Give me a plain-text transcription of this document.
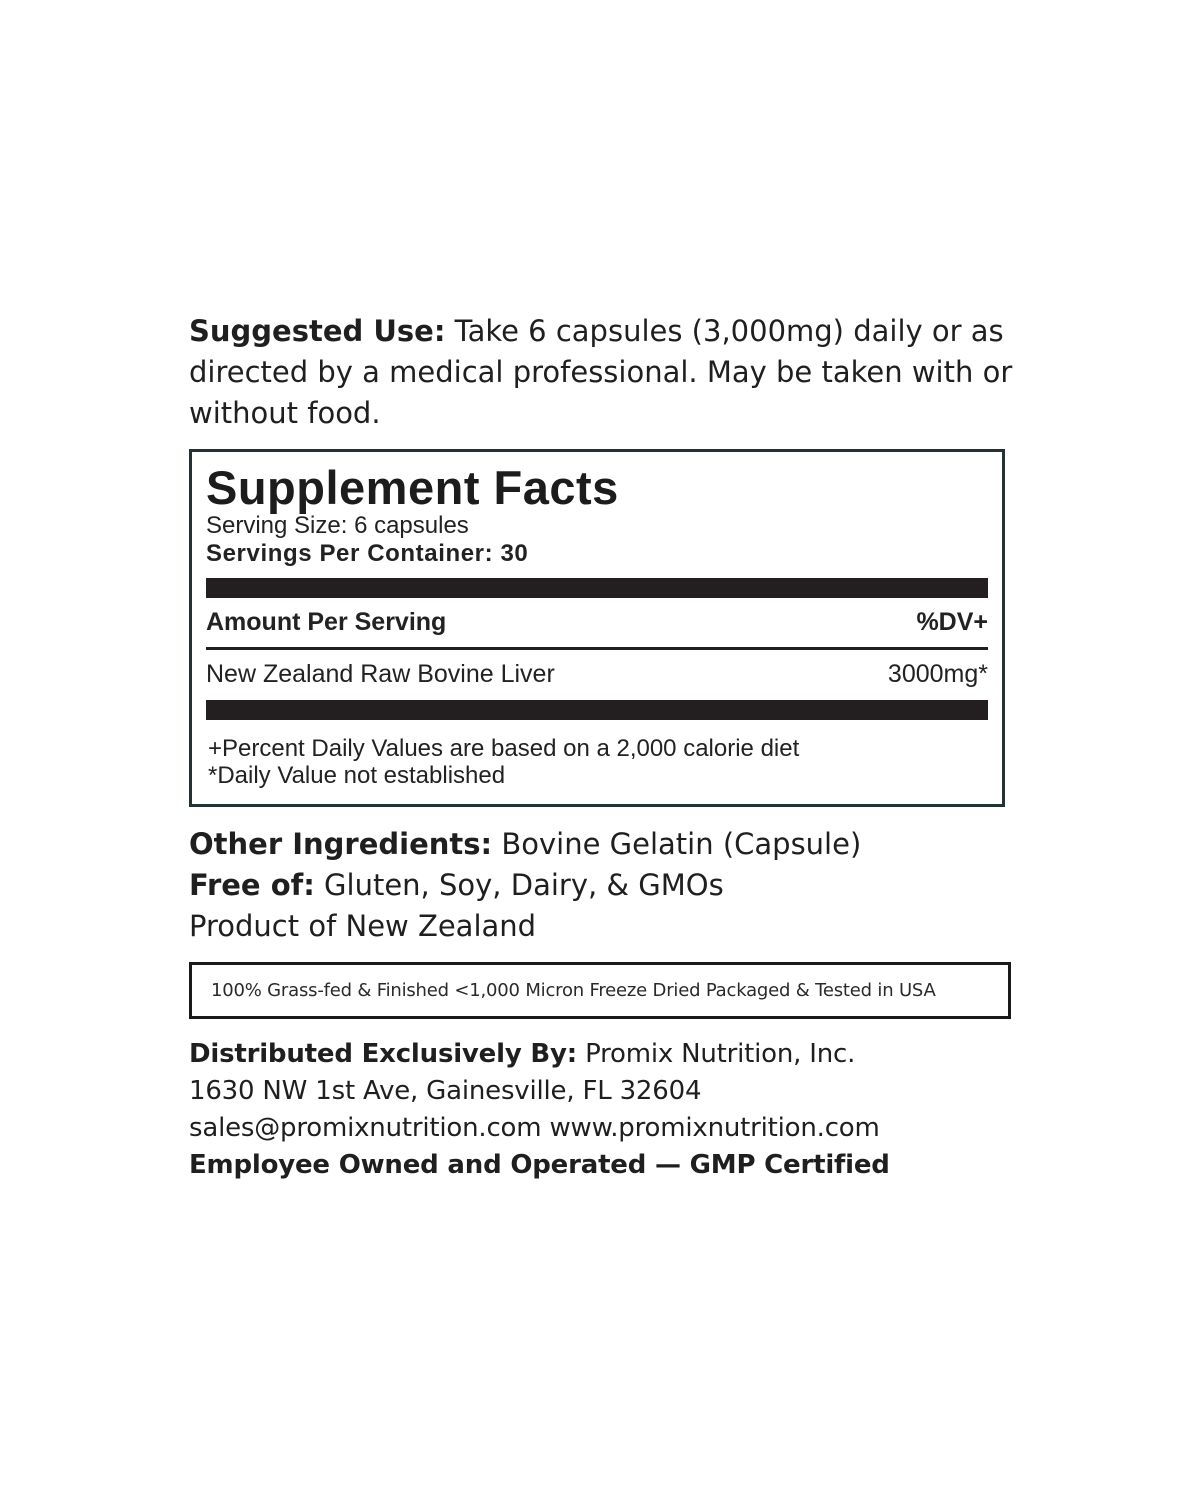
Suggested Use: Take 6 capsules (3,000mg) daily or as directed by a medical professional. May be taken with or without food.
Supplement Facts
Serving Size: 6 capsules
Servings Per Container: 30
Amount Per Serving	%DV+
New Zealand Raw Bovine Liver	3000mg*
+Percent Daily Values are based on a 2,000 calorie diet
*Daily Value not established
Other Ingredients: Bovine Gelatin (Capsule)
Free of: Gluten, Soy, Dairy, & GMOs
Product of New Zealand
100% Grass-fed & Finished <1,000 Micron Freeze Dried Packaged & Tested in USA
Distributed Exclusively By: Promix Nutrition, Inc.
1630 NW 1st Ave, Gainesville, FL 32604
sales@promixnutrition.com www.promixnutrition.com
Employee Owned and Operated — GMP Certified
